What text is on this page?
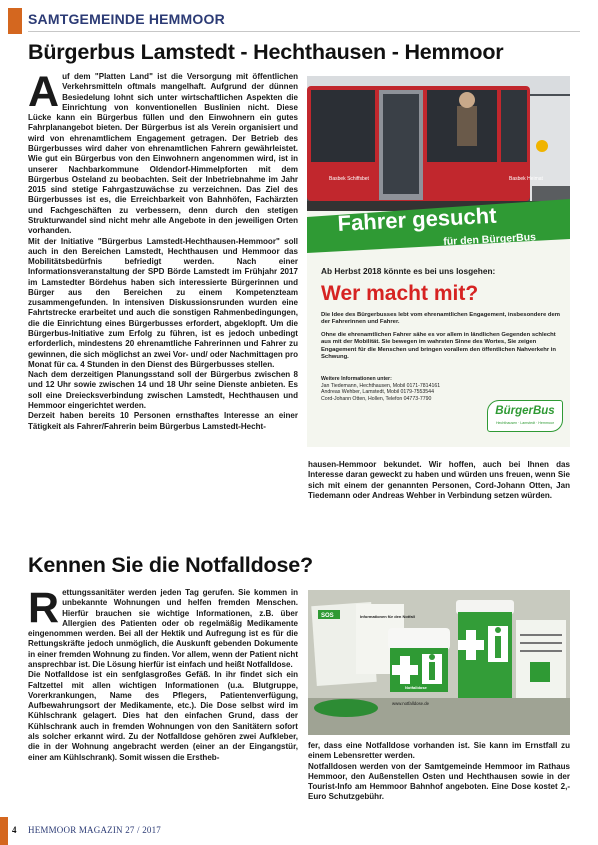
SAMTGEMEINDE HEMMOOR
Bürgerbus Lamstedt - Hechthausen - Hemmoor
A uf dem "Platten Land" ist die Versorgung mit öffentlichen Verkehrsmitteln oftmals mangelhaft. Aufgrund der dünnen Besiedelung lohnt sich unter wirtschaftlichen Aspekten die Einrichtung von konventionellen Buslinien nicht. Diese Lücke kann ein Bürgerbus füllen und den Einwohnern ein gutes Fahrplanangebot bieten. Der Bürgerbus ist als Verein organisiert und wird von ehrenamtlichem Engagement getragen. Der Betrieb des Bürgerbusses wird daher von ehrenamtlichen Fahrern gewährleistet. Wie gut ein Bürgerbus von den Einwohnern angenommen wird, ist in unserer Nachbarkommune Oldendorf-Himmelpforten mit dem Bürgerbus Osteland zu beobachten. Seit der Inbetriebnahme im Jahr 2015 sind stetige Fahrgastzuwächse zu verzeichnen. Das Ziel des Bürgerbusses ist es, die Erreichbarkeit von Bahnhöfen, Fachärzten und Fachgeschäften zu verbessern, denn durch den stetigen Strukturwandel sind nicht mehr alle Angebote in den jeweiligen Orten vorhanden.

Mit der Initiative "Bürgerbus Lamstedt-Hechthausen-Hemmoor" soll auch in den Bereichen Lamstedt, Hechthausen und Hemmoor das Mobilitätsbedürfnis befriedigt werden. Nach einer Informationsveranstaltung der SPD Börde Lamstedt im Frühjahr 2017 im Lamstedter Bördehus haben sich interessierte Bürgerinnen und Bürger aus den Bereichen zu einem Kompetenzteam zusammengefunden. In intensiven Diskussionsrunden wurden eine Fahrtstrecke erarbeitet und auch die sonstigen Rahmenbedingungen, die die Einrichtung eines Bürgerbusses erfordert, abgeklopft. Um die Bürgerbus-Initiative zum Erfolg zu führen, ist es jedoch unbedingt erforderlich, mindestens 20 ehrenamtliche Fahrerinnen und Fahrer zu gewinnen, die sich möglichst an zwei Vor- und/ oder Nachmittagen pro Monat für ca. 4 Stunden in den Dienst des Bürgerbusses stellen.

Nach dem derzeitigen Planungsstand soll der Bürgerbus zwischen 8 und 12 Uhr sowie zwischen 14 und 18 Uhr seine Dienste anbieten. Es soll eine Dreiecksverbindung zwischen Lamstedt, Hechthausen und Hemmoor eingerichtet werden.

Derzeit haben bereits 10 Personen ernsthaftes Interesse an einer Tätigkeit als Fahrer/Fahrerin beim Bürgerbus Lamstedt-Hecht-

Basbek Schiffsbet	Basbek Heimat
Fahrer gesucht
für den BürgerBus
Ab Herbst 2018 könnte es bei uns losgehen:
Wer macht mit?

Die Idee des Bürgerbusses lebt vom ehrenamtlichen Engagement, insbesondere dem der Fahrerinnen und Fahrer.

Ohne die ehrenamtlichen Fahrer sähe es vor allem in ländlichen Gegenden schlecht aus mit der Mobilität. Sie bewegen im wahrsten Sinne des Wortes, Sie zeigen Engagement für die Menschen und bringen vorallem den öffentlichen Nahverkehr in Schwung.

Weitere Informationen unter:
Jan Tiedemann, Hechthausen, Mobil 0171-7814161
Andreas Wehber, Lamstedt, Mobil 0179-7553544
Cord-Johann Otten, Hollen, Telefon 04773-7790
BürgerBus
Hechthausen · Lamstedt · Hemmoor

hausen-Hemmoor bekundet. Wir hoffen, auch bei Ihnen das Interesse daran geweckt zu haben und würden uns freuen, wenn Sie sich mit einem der genannten Personen, Cord-Johann Otten, Jan Tiedemann oder Andreas Wehber in Verbindung setzen würden.

Kennen Sie die Notfalldose?
R ettungssanitäter werden jeden Tag gerufen. Sie kommen in unbekannte Wohnungen und helfen fremden Menschen. Hierfür brauchen sie wichtige Informationen, z.B. über Allergien des Patienten oder ob regelmäßig Medikamente eingenommen werden. Bei all der Hektik und Aufregung ist es für die Rettungskräfte jedoch unmöglich, die Auskunft gebenden Dokumente in einer fremden Wohnung zu finden. Vor allem, wenn der Patient nicht ansprechbar ist. Die Lösung hierfür ist einfach und heißt Notfalldose.

Die Notfalldose ist ein senfglasgroßes Gefäß. In ihr findet sich ein Faltzettel mit allen wichtigen Informationen (u.a. Blutgruppe, Vorerkrankungen, Name des Pflegers, Patientenverfügung, Aufbewahrungsort der Medikamente, etc.). Die Dose selbst wird im Kühlschrank gelagert. Dies hat den einfachen Grund, dass der Kühlschrank auch in fremden Wohnungen von den Sanitätern sofort als solcher erkannt wird. Zu der Notfalldose gehören zwei Aufkleber, die in der Wohnung angebracht werden (einer an der Eingangstür, einer am Kühlschrank). Somit wissen die Erstheb-

SOS	Informationen für den Notfall
Notfalldose
www.notfalldose.de

fer, dass eine Notfalldose vorhanden ist. Sie kann im Ernstfall zu einem Lebensretter werden.

Notfalldosen werden von der Samtgemeinde Hemmoor im Rathaus Hemmoor, den Außenstellen Osten und Hechthausen sowie in der Tourist-Info am Hemmoor Bahnhof angeboten. Eine Dose kostet 2,- Euro Schutzgebühr.

4 HEMMOOR MAGAZIN 27 / 2017
